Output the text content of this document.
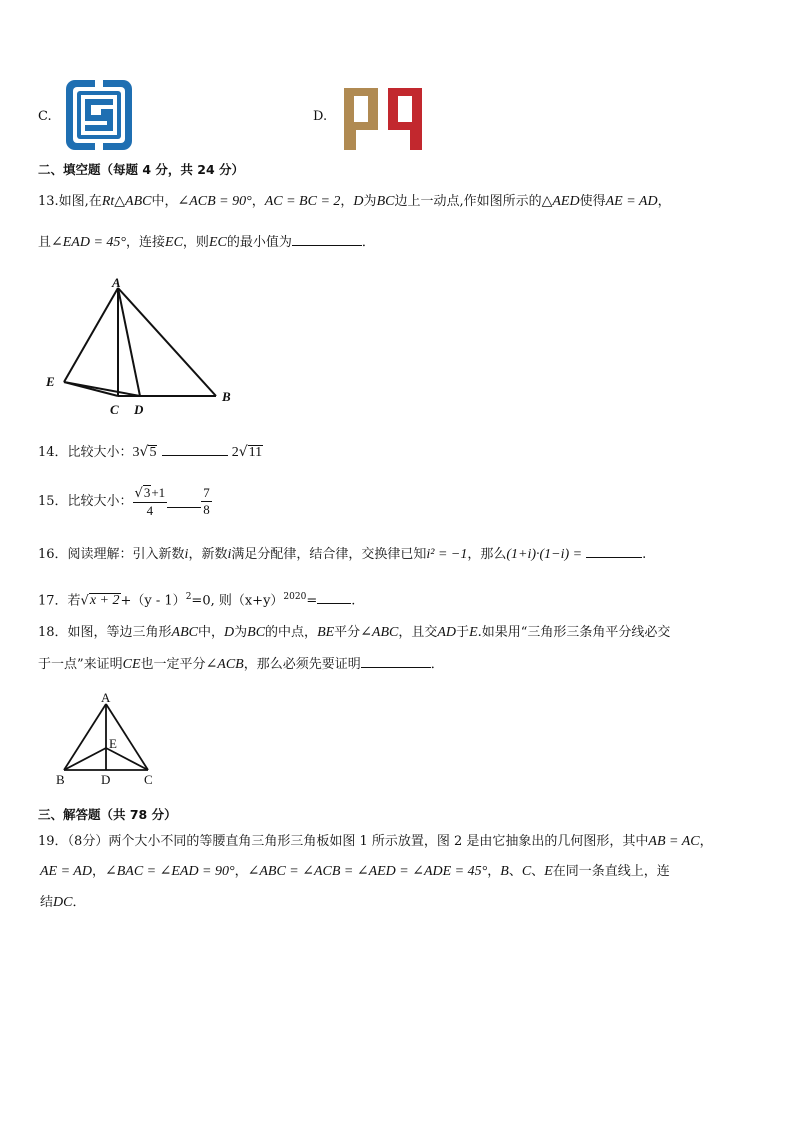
C.	D.
二、填空题（每题 4 分，共 24 分）
13.如图,在Rt△ABC中，∠ACB = 90°，AC = BC = 2，D为BC边上一动点,作如图所示的△AED使得AE = AD，
且∠EAD = 45°，连接EC，则EC的最小值为	．
A
E
C D
B
14．比较大小：3√5	2√11
15．比较大小： $\frac{√3+1}{4}$	$\frac{7}{8}$
16．阅读理解：引入新数i，新数i满足分配律，结合律，交换律已知i² = −1，那么(1+i)·(1−i) =	.
17．若√x + 2+（y - 1）$^2$=0, 则$(x+y)^{2020}=$	.
18．如图，等边三角形ABC中，D为BC的中点，BE平分∠ABC，且交AD于E.如果用“三角形三条角平分线必交
于一点”来证明CE也一定平分∠ACB，那么必须先要证明	．
A
E
B	D	C
三、解答题（共 78 分）
19．（8分）两个大小不同的等腰直角三角形三角板如图 1 所示放置，图 2 是由它抽象出的几何图形，其中AB = AC，
AE = AD，∠BAC = ∠EAD = 90°，∠ABC = ∠ACB = ∠AED = ∠ADE = 45°，B、C、E在同一条直线上，连
结DC．
